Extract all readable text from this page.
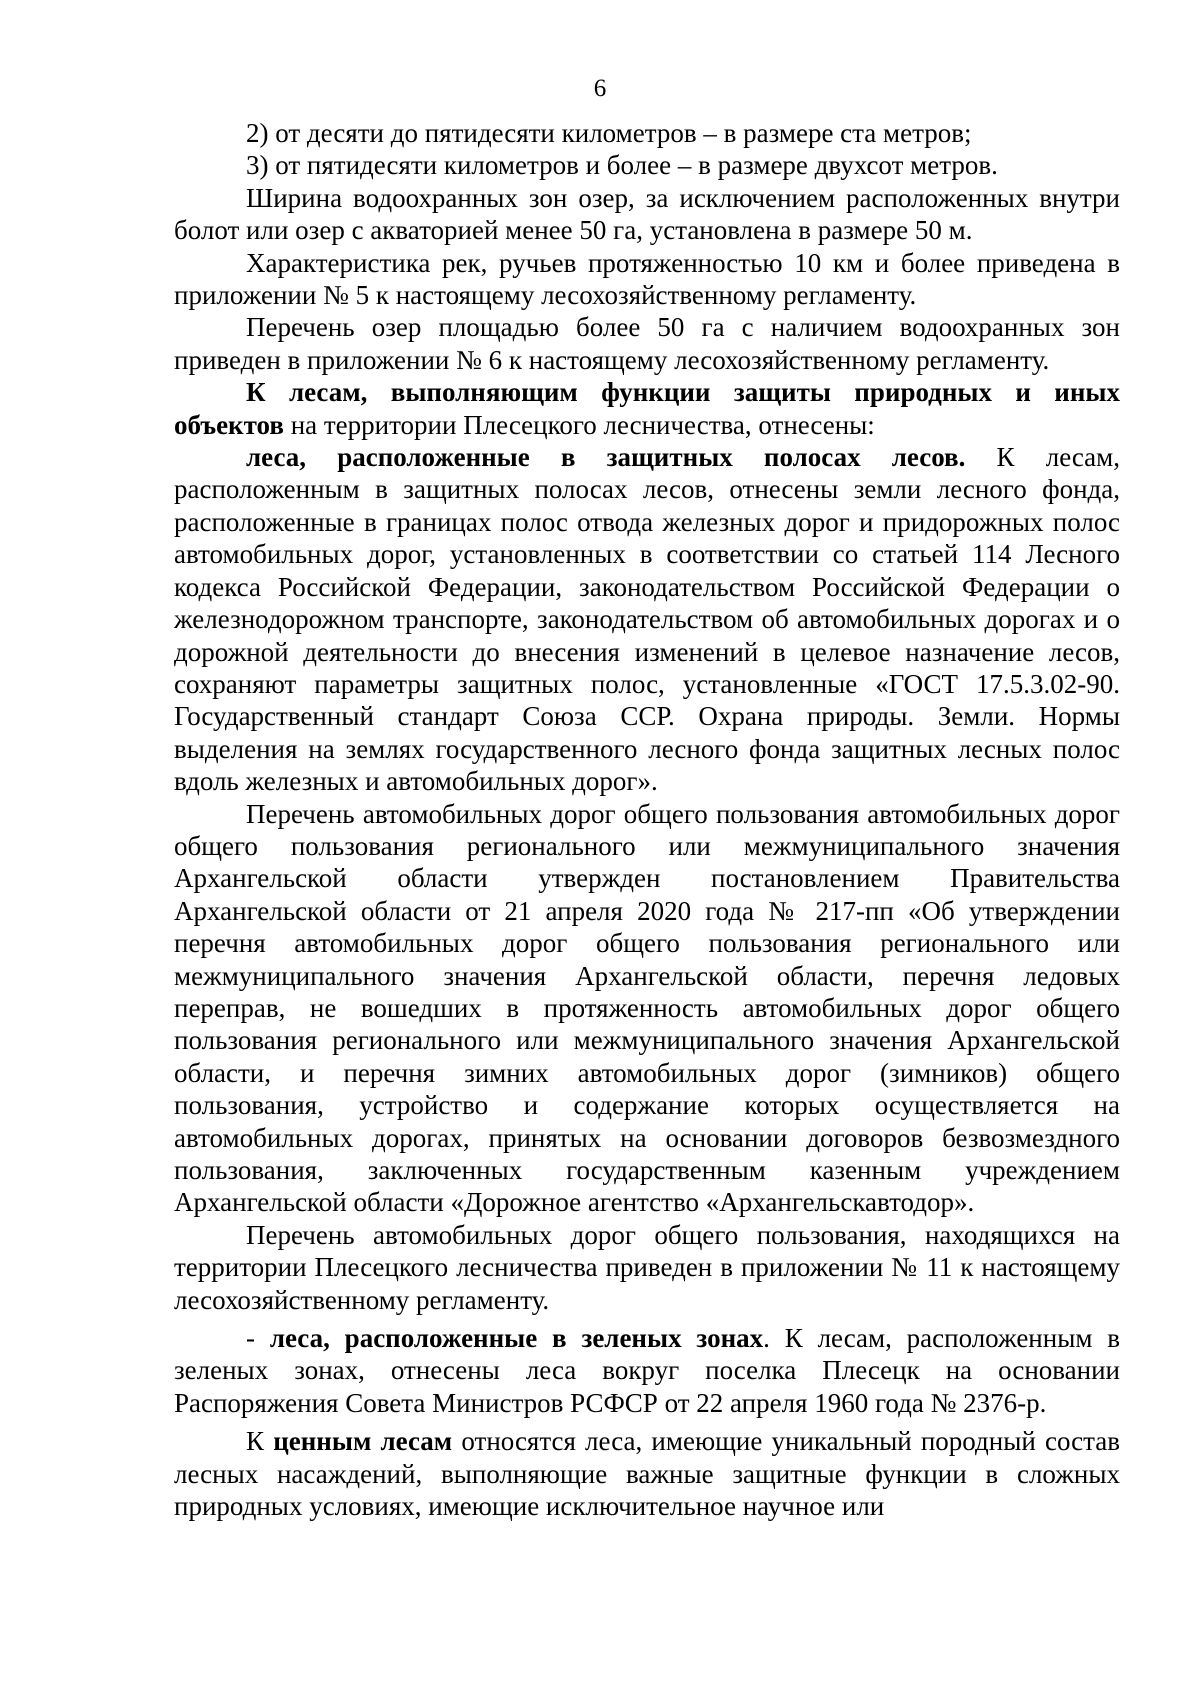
6

2) от десяти до пятидесяти километров – в размере ста метров;

3) от пятидесяти километров и более – в размере двухсот метров.

Ширина водоохранных зон озер, за исключением расположенных внутри болот или озер с акваторией менее 50 га, установлена в размере 50 м.

Характеристика рек, ручьев протяженностью 10 км и более приведена в приложении № 5 к настоящему лесохозяйственному регламенту.

Перечень озер площадью более 50 га с наличием водоохранных зон приведен в приложении № 6 к настоящему лесохозяйственному регламенту.

К лесам, выполняющим функции защиты природных и иных объектов на территории Плесецкого лесничества, отнесены:

леса, расположенные в защитных полосах лесов. К лесам, расположенным в защитных полосах лесов, отнесены земли лесного фонда, расположенные в границах полос отвода железных дорог и придорожных полос автомобильных дорог, установленных в соответствии со статьей 114 Лесного кодекса Российской Федерации, законодательством Российской Федерации о железнодорожном транспорте, законодательством об автомобильных дорогах и о дорожной деятельности до внесения изменений в целевое назначение лесов, сохраняют параметры защитных полос, установленные «ГОСТ 17.5.3.02-90. Государственный стандарт Союза ССР. Охрана природы. Земли. Нормы выделения на землях государственного лесного фонда защитных лесных полос вдоль железных и автомобильных дорог».

Перечень автомобильных дорог общего пользования автомобильных дорог общего пользования регионального или межмуниципального значения Архангельской области утвержден постановлением Правительства Архангельской области от 21 апреля 2020 года № 217-пп «Об утверждении перечня автомобильных дорог общего пользования регионального или межмуниципального значения Архангельской области, перечня ледовых переправ, не вошедших в протяженность автомобильных дорог общего пользования регионального или межмуниципального значения Архангельской области, и перечня зимних автомобильных дорог (зимников) общего пользования, устройство и содержание которых осуществляется на автомобильных дорогах, принятых на основании договоров безвозмездного пользования, заключенных государственным казенным учреждением Архангельской области «Дорожное агентство «Архангельскавтодор».

Перечень автомобильных дорог общего пользования, находящихся на территории Плесецкого лесничества приведен в приложении № 11 к настоящему лесохозяйственному регламенту.

- леса, расположенные в зеленых зонах. К лесам, расположенным в зеленых зонах, отнесены леса вокруг поселка Плесецк на основании Распоряжения Совета Министров РСФСР от 22 апреля 1960 года № 2376-р.

К ценным лесам относятся леса, имеющие уникальный породный состав лесных насаждений, выполняющие важные защитные функции в сложных природных условиях, имеющие исключительное научное или
